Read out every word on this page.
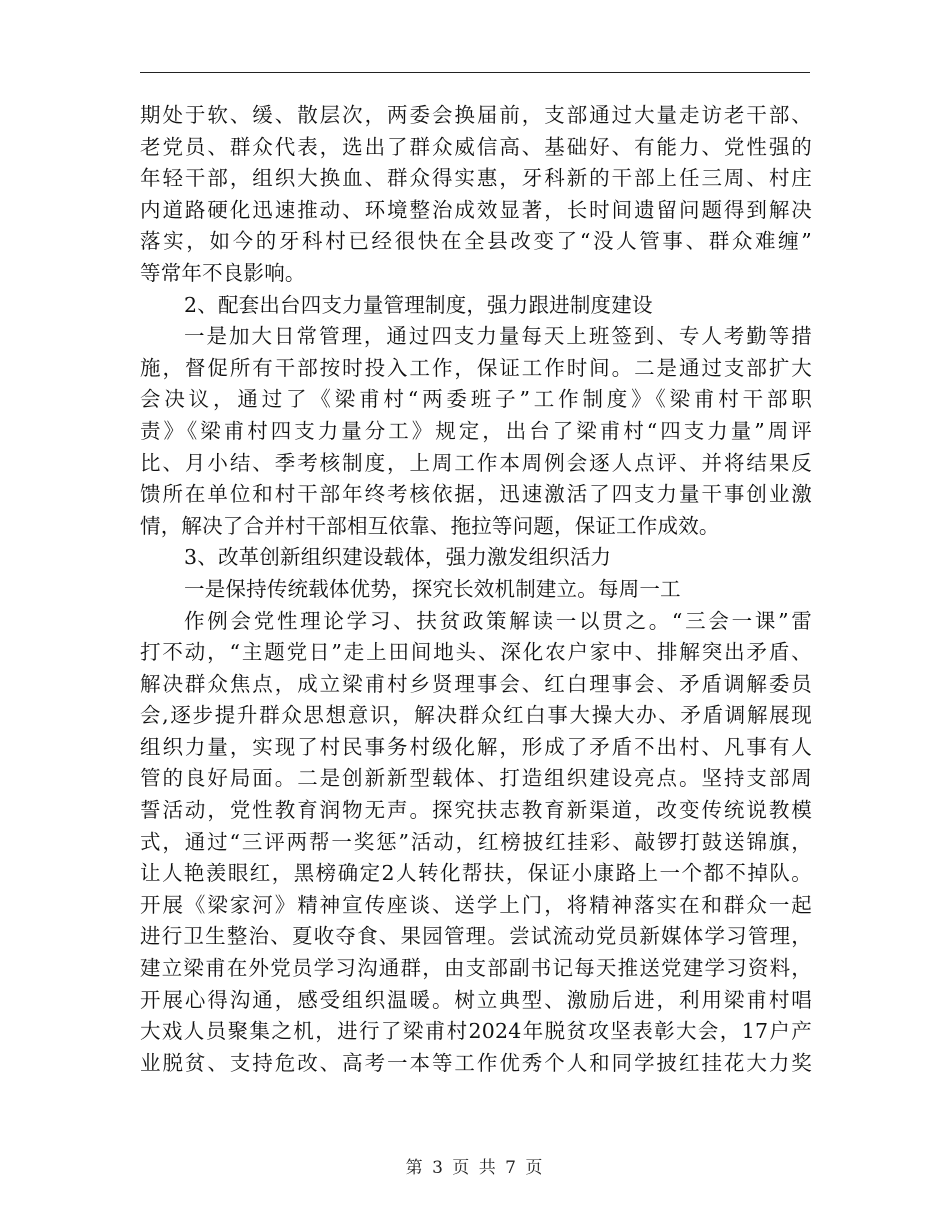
期处于软、缓、散层次，两委会换届前，支部通过大量走访老干部、
老党员、群众代表，选出了群众威信高、基础好、有能力、党性强的
年轻干部，组织大换血、群众得实惠，牙科新的干部上任三周、村庄
内道路硬化迅速推动、环境整治成效显著，长时间遗留问题得到解决
落实，如今的牙科村已经很快在全县改变了“没人管事、群众难缠”
等常年不良影响。
2、配套出台四支力量管理制度，强力跟进制度建设
一是加大日常管理，通过四支力量每天上班签到、专人考勤等措
施，督促所有干部按时投入工作，保证工作时间。二是通过支部扩大
会决议，通过了《梁甫村“两委班子”工作制度》《梁甫村干部职
责》《梁甫村四支力量分工》规定，出台了梁甫村“四支力量”周评
比、月小结、季考核制度，上周工作本周例会逐人点评、并将结果反
馈所在单位和村干部年终考核依据，迅速激活了四支力量干事创业激
情，解决了合并村干部相互依靠、拖拉等问题，保证工作成效。
3、改革创新组织建设载体，强力激发组织活力
一是保持传统载体优势，探究长效机制建立。每周一工
作例会党性理论学习、扶贫政策解读一以贯之。“三会一课”雷
打不动，“主题党日”走上田间地头、深化农户家中、排解突出矛盾、
解决群众焦点，成立梁甫村乡贤理事会、红白理事会、矛盾调解委员
会,逐步提升群众思想意识，解决群众红白事大操大办、矛盾调解展现
组织力量，实现了村民事务村级化解，形成了矛盾不出村、凡事有人
管的良好局面。二是创新新型载体、打造组织建设亮点。坚持支部周
誓活动，党性教育润物无声。探究扶志教育新渠道，改变传统说教模
式，通过“三评两帮一奖惩”活动，红榜披红挂彩、敲锣打鼓送锦旗，
让人艳羡眼红，黑榜确定2人转化帮扶，保证小康路上一个都不掉队。
开展《梁家河》精神宣传座谈、送学上门，将精神落实在和群众一起
进行卫生整治、夏收夺食、果园管理。尝试流动党员新媒体学习管理，
建立梁甫在外党员学习沟通群，由支部副书记每天推送党建学习资料，
开展心得沟通，感受组织温暖。树立典型、激励后进，利用梁甫村唱
大戏人员聚集之机，进行了梁甫村2024年脱贫攻坚表彰大会，17户产
业脱贫、支持危改、高考一本等工作优秀个人和同学披红挂花大力奖
第 3 页 共 7 页
